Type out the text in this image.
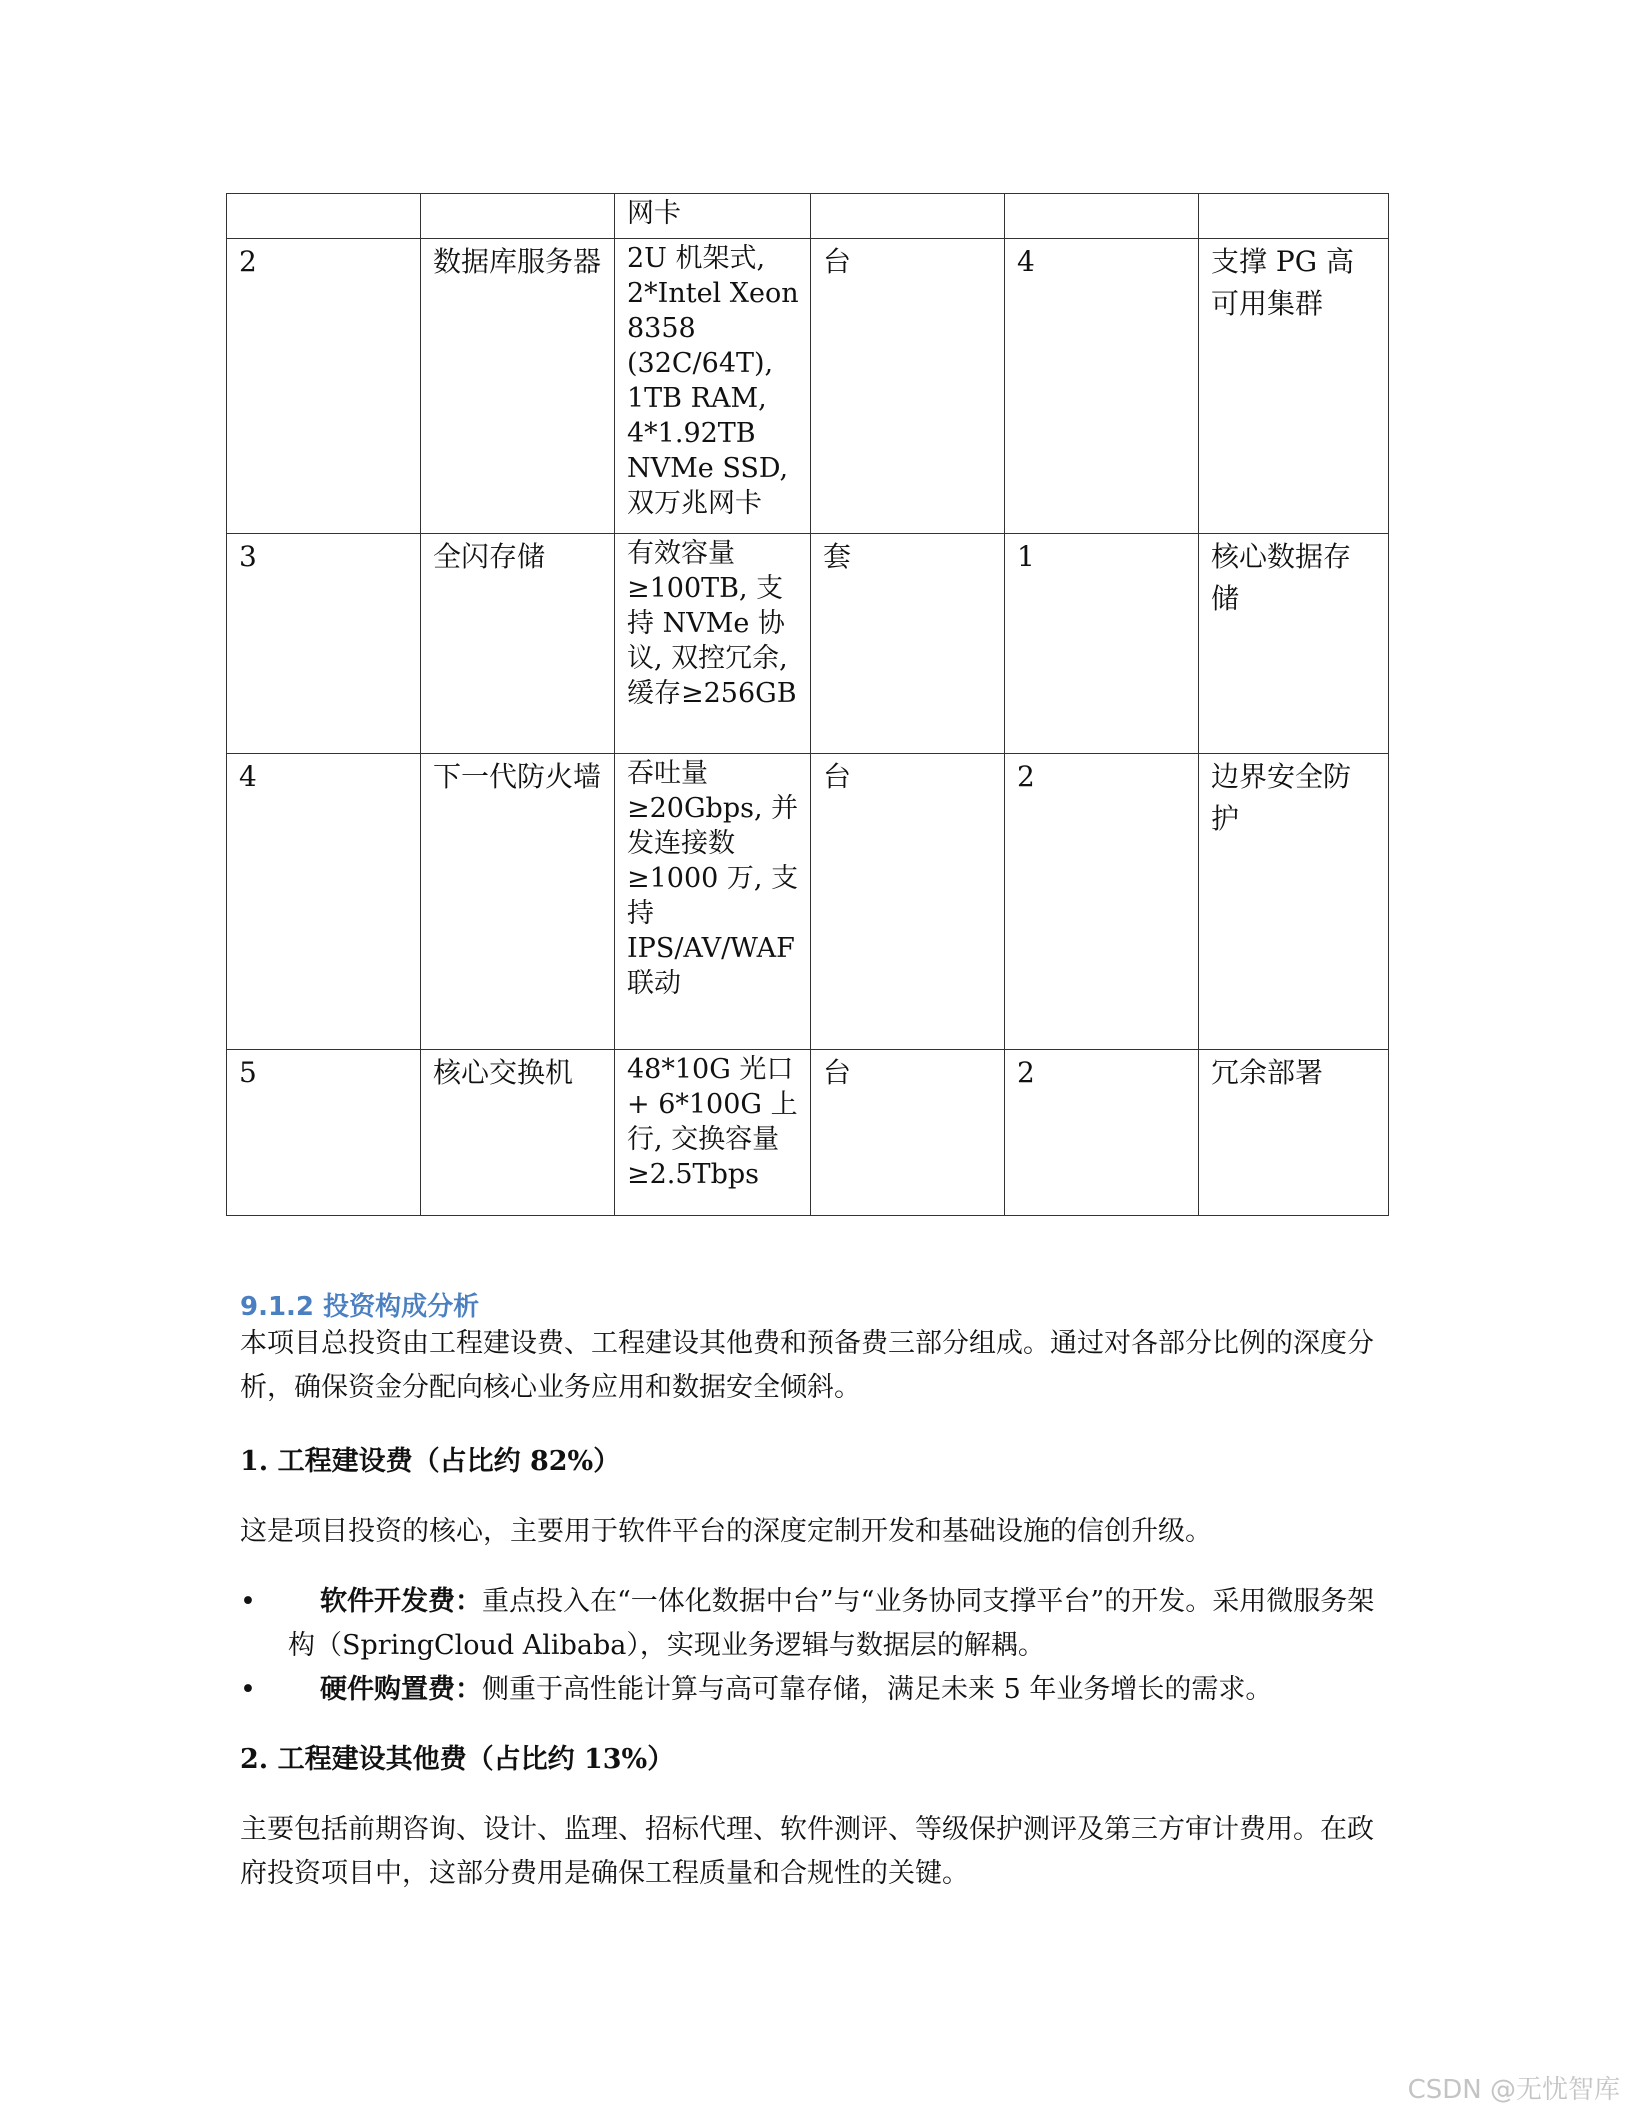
		网卡			
2	数据库服务器	2U 机架式, 2*Intel Xeon 8358 (32C/64T), 1TB RAM, 4*1.92TB NVMe SSD, 双万兆网卡	台	4	支撑 PG 高可用集群
3	全闪存储	有效容量≥100TB, 支持 NVMe 协议, 双控冗余, 缓存≥256GB	套	1	核心数据存储
4	下一代防火墙	吞吐量≥20Gbps, 并发连接数≥1000 万, 支持 IPS/AV/WAF 联动	台	2	边界安全防护
5	核心交换机	48*10G 光口 + 6*100G 上行, 交换容量≥2.5Tbps	台	2	冗余部署
9.1.2 投资构成分析

本项目总投资由工程建设费、工程建设其他费和预备费三部分组成。通过对各部分比例的深度分析，确保资金分配向核心业务应用和数据安全倾斜。

1. 工程建设费（占比约 82%）

这是项目投资的核心，主要用于软件平台的深度定制开发和基础设施的信创升级。

•	软件开发费：重点投入在“一体化数据中台”与“业务协同支撑平台”的开发。采用微服务架构（SpringCloud Alibaba），实现业务逻辑与数据层的解耦。
•	硬件购置费：侧重于高性能计算与高可靠存储，满足未来 5 年业务增长的需求。

2. 工程建设其他费（占比约 13%）

主要包括前期咨询、设计、监理、招标代理、软件测评、等级保护测评及第三方审计费用。在政府投资项目中，这部分费用是确保工程质量和合规性的关键。

CSDN @无忧智库
